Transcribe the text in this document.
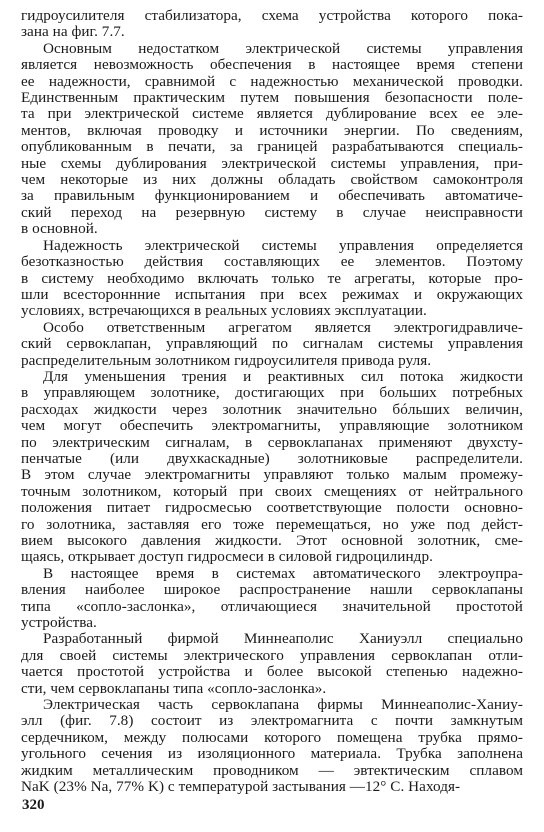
гидроусилителя стабилизатора, схема устройства которого пока-
зана на фиг. 7.7.

Основным недостатком электрической системы управления
является невозможность обеспечения в настоящее время степени
ее надежности, сравнимой с надежностью механической проводки.
Единственным практическим путем повышения безопасности поле-
та при электрической системе является дублирование всех ее эле-
ментов, включая проводку и источники энергии. По сведениям,
опубликованным в печати, за границей разрабатываются специаль-
ные схемы дублирования электрической системы управления, при-
чем некоторые из них должны обладать свойством самоконтроля
за правильным функционированием и обеспечивать автоматиче-
ский переход на резервную систему в случае неисправности
в основной.

Надежность электрической системы управления определяется
безотказностью действия составляющих ее элементов. Поэтому
в систему необходимо включать только те агрегаты, которые про-
шли всестороннние испытания при всех режимах и окружающих
условиях, встречающихся в реальных условиях эксплуатации.

Особо ответственным агрегатом является электрогидравличе-
ский сервоклапан, управляющий по сигналам системы управления
распределительным золотником гидроусилителя привода руля.

Для уменьшения трения и реактивных сил потока жидкости
в управляющем золотнике, достигающих при больших потребных
расходах жидкости через золотник значительно бóльших величин,
чем могут обеспечить электромагниты, управляющие золотником
по электрическим сигналам, в сервоклапанах применяют двухсту-
пенчатые (или двухкаскадные) золотниковые распределители.
В этом случае электромагниты управляют только малым промежу-
точным золотником, который при своих смещениях от нейтрального
положения питает гидросмесью соответствующие полости основно-
го золотника, заставляя его тоже перемещаться, но уже под дейст-
вием высокого давления жидкости. Этот основной золотник, сме-
щаясь, открывает доступ гидросмеси в силовой гидроцилиндр.

В настоящее время в системах автоматического электроупра-
вления наиболее широкое распространение нашли сервоклапаны
типа «сопло-заслонка», отличающиеся значительной простотой
устройства.

Разработанный фирмой Миннеаполис Ханиуэлл специально
для своей системы электрического управления сервоклапан отли-
чается простотой устройства и более высокой степенью надежно-
сти, чем сервоклапаны типа «сопло-заслонка».

Электрическая часть сервоклапана фирмы Миннеаполис-Ханиу-
элл (фиг. 7.8) состоит из электромагнита с почти замкнутым
сердечником, между полюсами которого помещена трубка прямо-
угольного сечения из изоляционного материала. Трубка заполнена
жидким металлическим проводником — эвтектическим сплавом
NaK (23% Na, 77% K) с температурой застывания —12° С. Находя-

320
